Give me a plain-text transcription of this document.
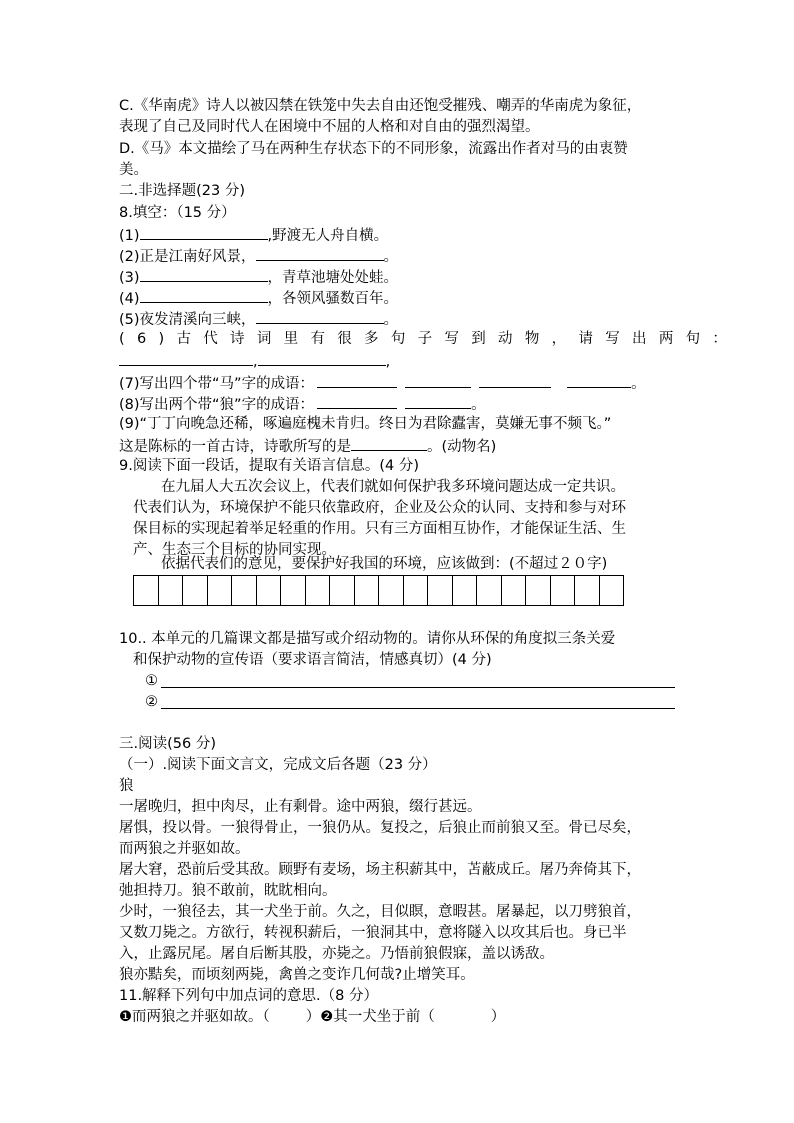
C.《华南虎》诗人以被囚禁在铁笼中失去自由还饱受摧残、嘲弄的华南虎为象征，
表现了自己及同时代人在困境中不屈的人格和对自由的强烈渴望。
D.《马》本文描绘了马在两种生存状态下的不同形象，流露出作者对马的由衷赞
美。
二.非选择题(23 分)
8.填空：（15 分）
(1)	,野渡无人舟自横。
(2)正是江南好风景，	。
(3)	，青草池塘处处蛙。
(4)	，各领风骚数百年。
(5)夜发清溪向三峡，	。
(6)古代诗词里有很多句子写到动物，请写出两句：
,	,
(7)写出四个带“马”字的成语：	。
(8)写出两个带“狼”字的成语：	。
(9)“丁丁向晚急还稀，啄遍庭槐未肯归。终日为君除蠹害，莫嫌无事不频飞。”
这是陈标的一首古诗，诗歌所写的是	。(动物名)
9.阅读下面一段话，提取有关语言信息。(4 分)
在九届人大五次会议上，代表们就如何保护我多环境问题达成一定共识。
代表们认为，环境保护不能只依靠政府，企业及公众的认同、支持和参与对环
保目标的实现起着举足轻重的作用。只有三方面相互协作，才能保证生活、生
产、生态三个目标的协同实现。
依据代表们的意见，要保护好我国的环境，应该做到：(不超过２０字)
10.. 本单元的几篇课文都是描写或介绍动物的。请你从环保的角度拟三条关爱
和保护动物的宣传语（要求语言简洁，情感真切）(4 分)
①
②
三.阅读(56 分)
（一）.阅读下面文言文，完成文后各题（23 分）
狼
一屠晚归，担中肉尽，止有剩骨。途中两狼，缀行甚远。
屠惧，投以骨。一狼得骨止，一狼仍从。复投之，后狼止而前狼又至。骨已尽矣，
而两狼之并驱如故。
屠大窘，恐前后受其敌。顾野有麦场，场主积薪其中，苫蔽成丘。屠乃奔倚其下，
弛担持刀。狼不敢前，眈眈相向。
少时，一狼径去，其一犬坐于前。久之，目似瞑，意暇甚。屠暴起，以刀劈狼首，
又数刀毙之。方欲行，转视积薪后，一狼洞其中，意将隧入以攻其后也。身已半
入，止露尻尾。屠自后断其股，亦毙之。乃悟前狼假寐，盖以诱敌。
狼亦黠矣，而顷刻两毙，禽兽之变诈几何哉?止增笑耳。
11.解释下列句中加点词的意思.（8 分）
❶而两狼之并驱如故。（ ）❷其一犬坐于前（	）
